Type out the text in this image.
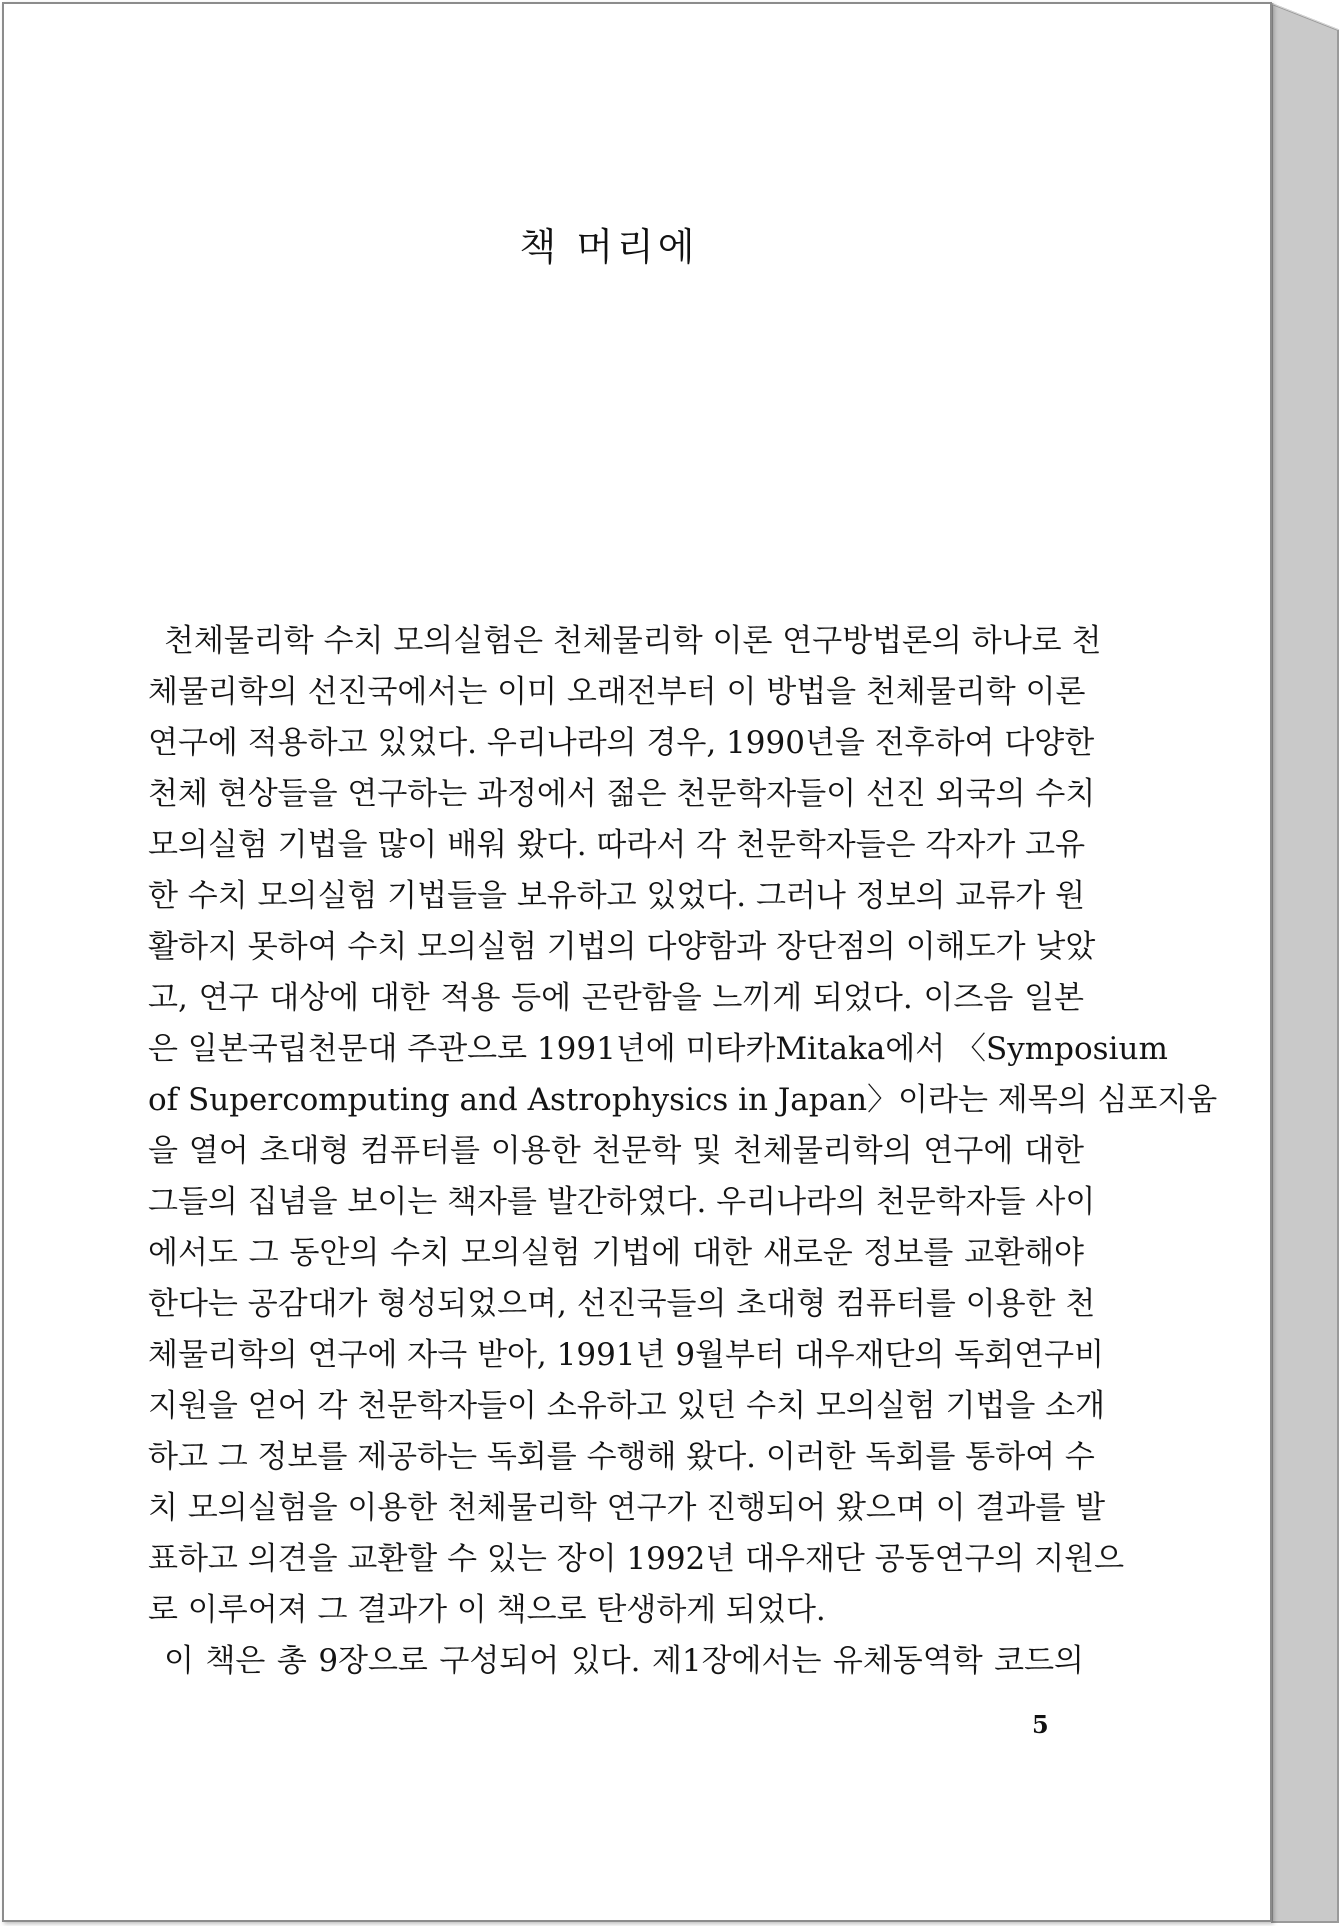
책 머리에
천체물리학 수치 모의실험은 천체물리학 이론 연구방법론의 하나로 천
체물리학의 선진국에서는 이미 오래전부터 이 방법을 천체물리학 이론
연구에 적용하고 있었다. 우리나라의 경우, 1990년을 전후하여 다양한
천체 현상들을 연구하는 과정에서 젊은 천문학자들이 선진 외국의 수치
모의실험 기법을 많이 배워 왔다. 따라서 각 천문학자들은 각자가 고유
한 수치 모의실험 기법들을 보유하고 있었다. 그러나 정보의 교류가 원
활하지 못하여 수치 모의실험 기법의 다양함과 장단점의 이해도가 낮았
고, 연구 대상에 대한 적용 등에 곤란함을 느끼게 되었다. 이즈음 일본
은 일본국립천문대 주관으로 1991년에 미타카Mitaka에서 〈Symposium
of Supercomputing and Astrophysics in Japan〉이라는 제목의 심포지움
을 열어 초대형 컴퓨터를 이용한 천문학 및 천체물리학의 연구에 대한
그들의 집념을 보이는 책자를 발간하였다. 우리나라의 천문학자들 사이
에서도 그 동안의 수치 모의실험 기법에 대한 새로운 정보를 교환해야
한다는 공감대가 형성되었으며, 선진국들의 초대형 컴퓨터를 이용한 천
체물리학의 연구에 자극 받아, 1991년 9월부터 대우재단의 독회연구비
지원을 얻어 각 천문학자들이 소유하고 있던 수치 모의실험 기법을 소개
하고 그 정보를 제공하는 독회를 수행해 왔다. 이러한 독회를 통하여 수
치 모의실험을 이용한 천체물리학 연구가 진행되어 왔으며 이 결과를 발
표하고 의견을 교환할 수 있는 장이 1992년 대우재단 공동연구의 지원으
로 이루어져 그 결과가 이 책으로 탄생하게 되었다.
이 책은 총 9장으로 구성되어 있다. 제1장에서는 유체동역학 코드의
5
